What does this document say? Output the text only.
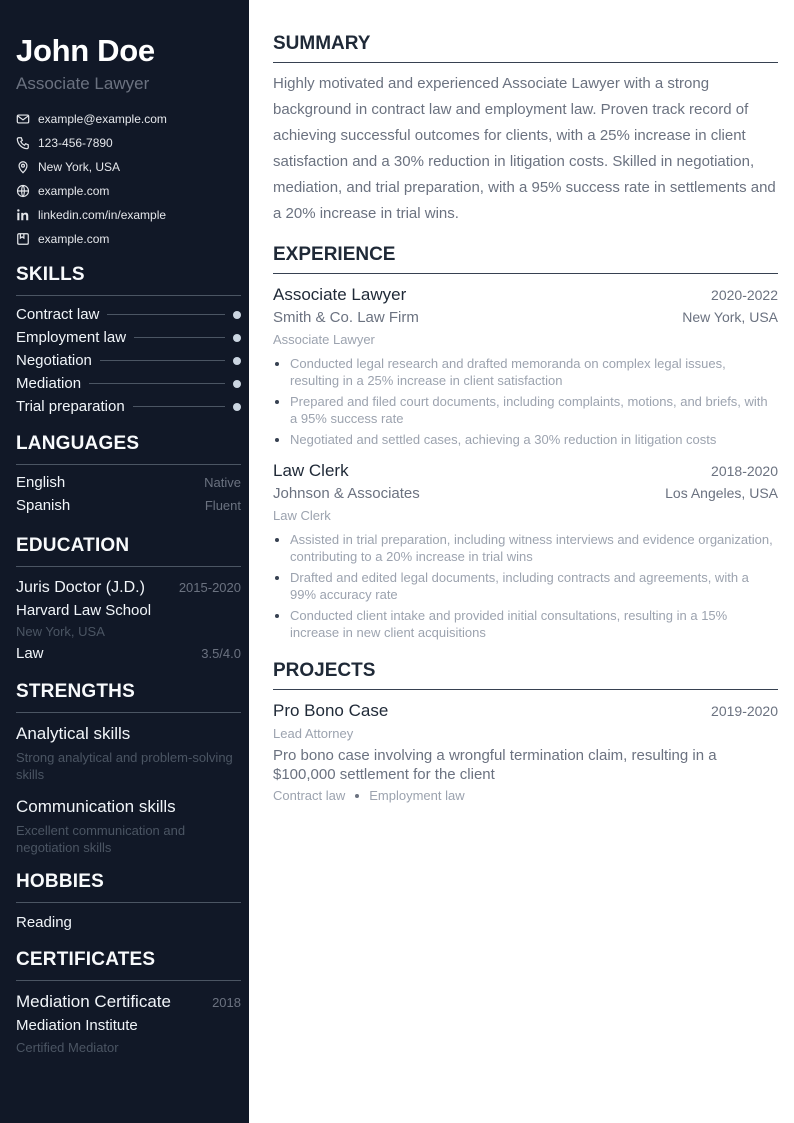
John Doe
Associate Lawyer
example@example.com
123-456-7890
New York, USA
example.com
linkedin.com/in/example
example.com
SKILLS
Contract law
Employment law
Negotiation
Mediation
Trial preparation
LANGUAGES
English	Native
Spanish	Fluent
EDUCATION
Juris Doctor (J.D.)	2015-2020
Harvard Law School
New York, USA
Law	3.5/4.0
STRENGTHS
Analytical skills
Strong analytical and problem-solving skills
Communication skills
Excellent communication and negotiation skills
HOBBIES
Reading
CERTIFICATES
Mediation Certificate	2018
Mediation Institute
Certified Mediator
SUMMARY

Highly motivated and experienced Associate Lawyer with a strong background in contract law and employment law. Proven track record of achieving successful outcomes for clients, with a 25% increase in client satisfaction and a 30% reduction in litigation costs. Skilled in negotiation, mediation, and trial preparation, with a 95% success rate in settlements and a 20% increase in trial wins.

EXPERIENCE
Associate Lawyer	2020-2022
Smith & Co. Law Firm	New York, USA
Associate Lawyer
Conducted legal research and drafted memoranda on complex legal issues, resulting in a 25% increase in client satisfaction
Prepared and filed court documents, including complaints, motions, and briefs, with a 95% success rate
Negotiated and settled cases, achieving a 30% reduction in litigation costs
Law Clerk	2018-2020
Johnson & Associates	Los Angeles, USA
Law Clerk
Assisted in trial preparation, including witness interviews and evidence organization, contributing to a 20% increase in trial wins
Drafted and edited legal documents, including contracts and agreements, with a 99% accuracy rate
Conducted client intake and provided initial consultations, resulting in a 15% increase in new client acquisitions
PROJECTS
Pro Bono Case	2019-2020
Lead Attorney
Pro bono case involving a wrongful termination claim, resulting in a $100,000 settlement for the client
Contract law Employment law
